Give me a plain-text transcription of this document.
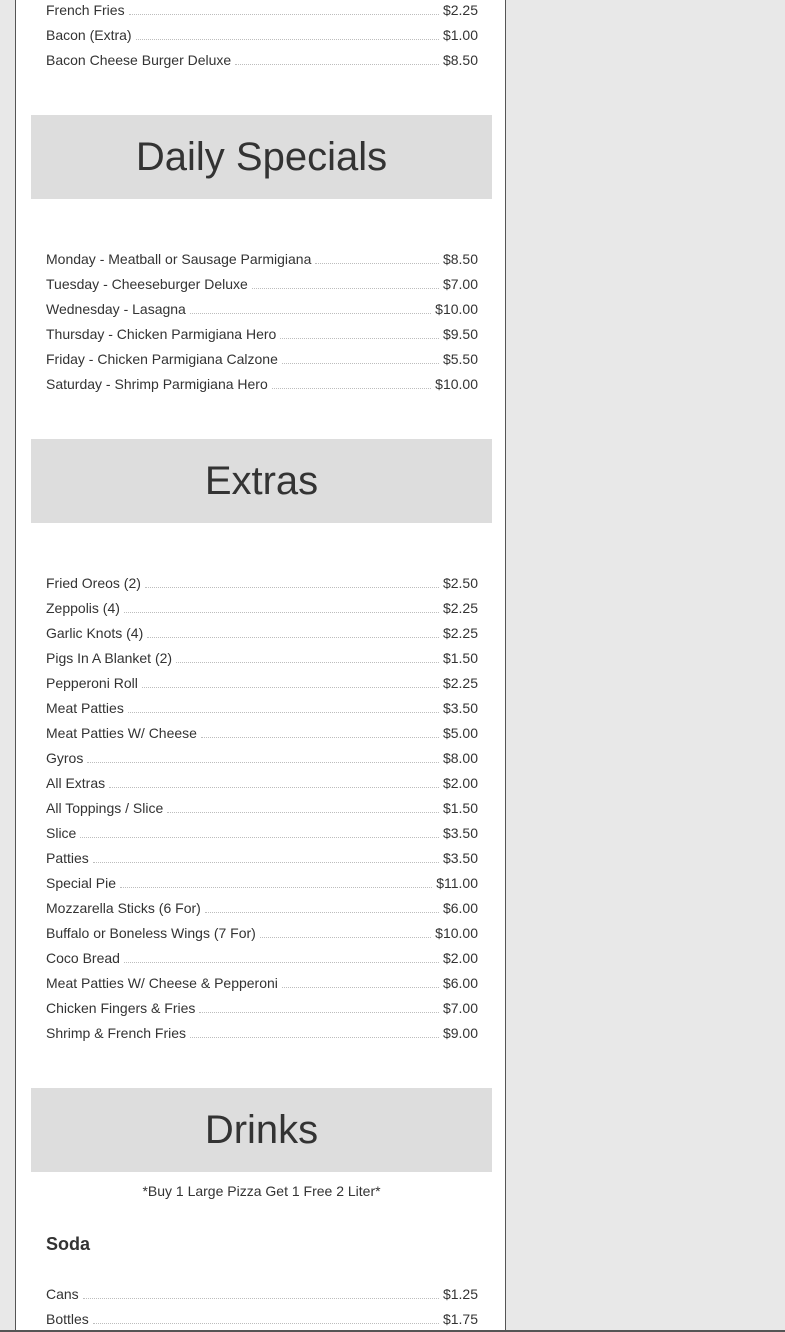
French Fries	$2.25
Bacon (Extra)	$1.00
Bacon Cheese Burger Deluxe	$8.50
Daily Specials
Monday - Meatball or Sausage Parmigiana	$8.50
Tuesday - Cheeseburger Deluxe	$7.00
Wednesday - Lasagna	$10.00
Thursday - Chicken Parmigiana Hero	$9.50
Friday - Chicken Parmigiana Calzone	$5.50
Saturday - Shrimp Parmigiana Hero	$10.00
Extras
Fried Oreos (2)	$2.50
Zeppolis (4)	$2.25
Garlic Knots (4)	$2.25
Pigs In A Blanket (2)	$1.50
Pepperoni Roll	$2.25
Meat Patties	$3.50
Meat Patties W/ Cheese	$5.00
Gyros	$8.00
All Extras	$2.00
All Toppings / Slice	$1.50
Slice	$3.50
Patties	$3.50
Special Pie	$11.00
Mozzarella Sticks (6 For)	$6.00
Buffalo or Boneless Wings (7 For)	$10.00
Coco Bread	$2.00
Meat Patties W/ Cheese & Pepperoni	$6.00
Chicken Fingers & Fries	$7.00
Shrimp & French Fries	$9.00
Drinks
*Buy 1 Large Pizza Get 1 Free 2 Liter*
Soda
Cans	$1.25
Bottles	$1.75
